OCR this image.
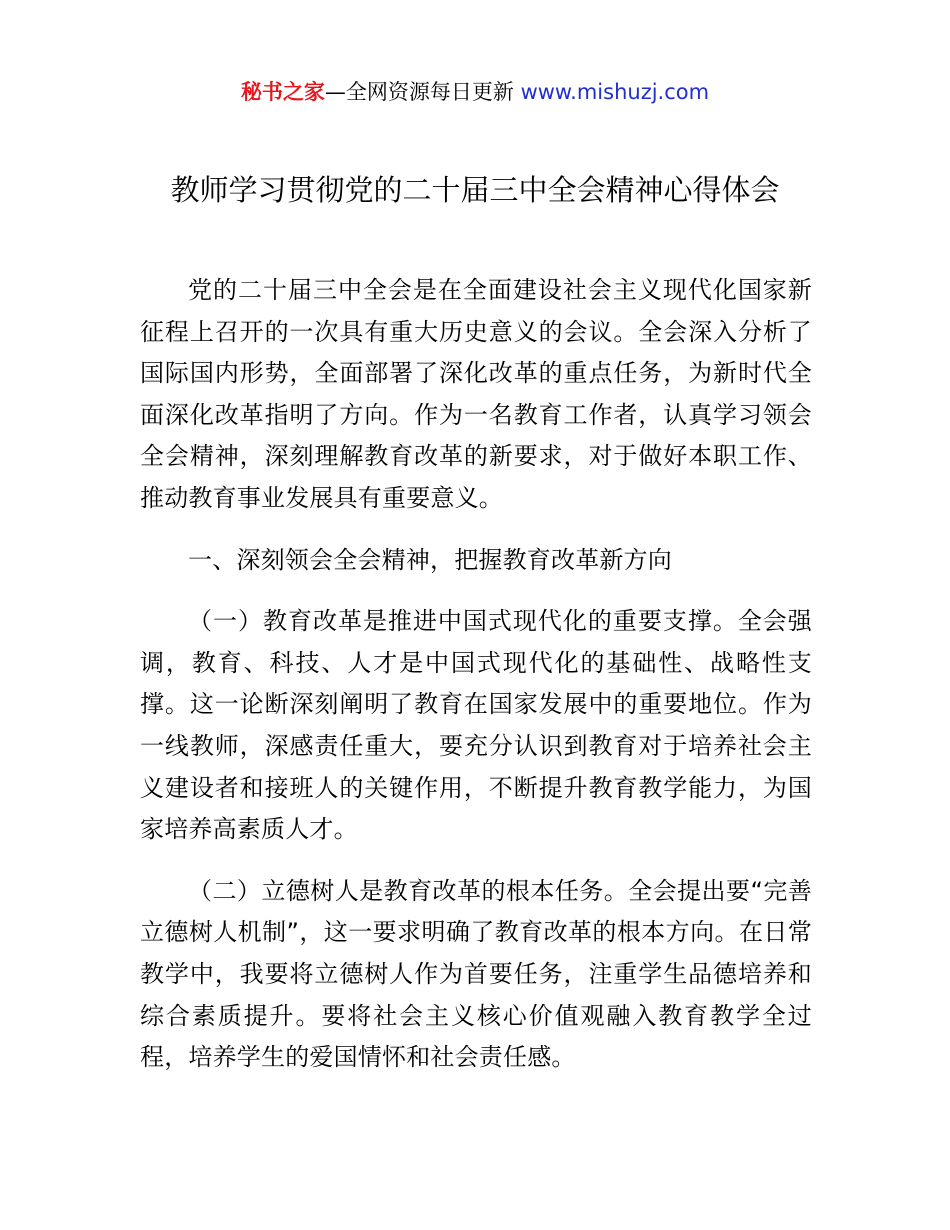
秘书之家—全网资源每日更新 www.mishuzj.com
教师学习贯彻党的二十届三中全会精神心得体会

党的二十届三中全会是在全面建设社会主义现代化国家新征程上召开的一次具有重大历史意义的会议。全会深入分析了国际国内形势，全面部署了深化改革的重点任务，为新时代全面深化改革指明了方向。作为一名教育工作者，认真学习领会全会精神，深刻理解教育改革的新要求，对于做好本职工作、推动教育事业发展具有重要意义。

一、深刻领会全会精神，把握教育改革新方向

（一）教育改革是推进中国式现代化的重要支撑。全会强调，教育、科技、人才是中国式现代化的基础性、战略性支撑。这一论断深刻阐明了教育在国家发展中的重要地位。作为一线教师，深感责任重大，要充分认识到教育对于培养社会主义建设者和接班人的关键作用，不断提升教育教学能力，为国家培养高素质人才。

（二）立德树人是教育改革的根本任务。全会提出要“完善立德树人机制”，这一要求明确了教育改革的根本方向。在日常教学中，我要将立德树人作为首要任务，注重学生品德培养和综合素质提升。要将社会主义核心价值观融入教育教学全过程，培养学生的爱国情怀和社会责任感。
